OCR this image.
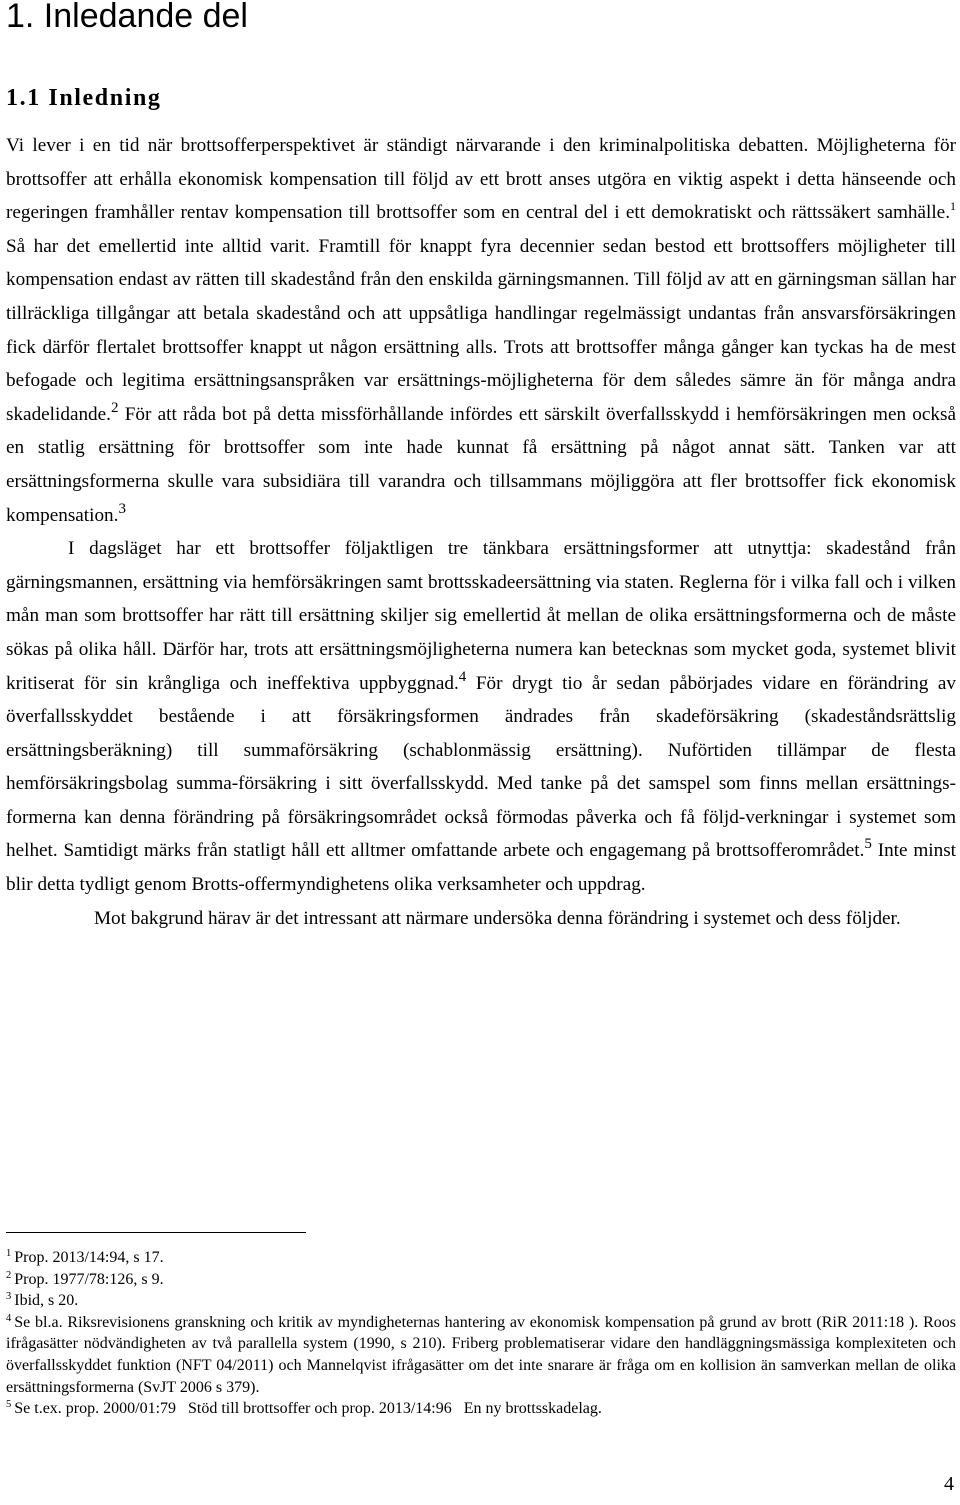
1. Inledande del
1.1 Inledning

Vi lever i en tid när brottsofferperspektivet är ständigt närvarande i den kriminalpolitiska debatten. Möjligheterna för brottsoffer att erhålla ekonomisk kompensation till följd av ett brott anses utgöra en viktig aspekt i detta hänseende och regeringen framhåller rentav kompensation till brottsoffer som en central del i ett demokratiskt och rättssäkert samhälle.$^1$ Så har det emellertid inte alltid varit. Framtill för knappt fyra decennier sedan bestod ett brottsoffers möjligheter till kompensation endast av rätten till skadestånd från den enskilda gärningsmannen. Till följd av att en gärningsman sällan har tillräckliga tillgångar att betala skadestånd och att uppsåtliga handlingar regelmässigt undantas från ansvarsförsäkringen fick därför flertalet brottsoffer knappt ut någon ersättning alls. Trots att brottsoffer många gånger kan tyckas ha de mest befogade och legitima ersättningsanspråken var ersättnings-möjligheterna för dem således sämre än för många andra skadelidande.$^2$ För att råda bot på detta missförhållande infördes ett särskilt överfallsskydd i hemförsäkringen men också en statlig ersättning för brottsoffer som inte hade kunnat få ersättning på något annat sätt. Tanken var att ersättningsformerna skulle vara subsidiära till varandra och tillsammans möjliggöra att fler brottsoffer fick ekonomisk kompensation.$^3$

I dagsläget har ett brottsoffer följaktligen tre tänkbara ersättningsformer att utnyttja: skadestånd från gärningsmannen, ersättning via hemförsäkringen samt brottsskadeersättning via staten. Reglerna för i vilka fall och i vilken mån man som brottsoffer har rätt till ersättning skiljer sig emellertid åt mellan de olika ersättningsformerna och de måste sökas på olika håll. Därför har, trots att ersättningsmöjligheterna numera kan betecknas som mycket goda, systemet blivit kritiserat för sin krångliga och ineffektiva uppbyggnad.$^4$ För drygt tio år sedan påbörjades vidare en förändring av överfallsskyddet bestående i att försäkringsformen ändrades från skadeförsäkring (skadeståndsrättslig ersättningsberäkning) till summaförsäkring (schablonmässig ersättning). Nuförtiden tillämpar de flesta hemförsäkringsbolag summa-försäkring i sitt överfallsskydd. Med tanke på det samspel som finns mellan ersättnings-formerna kan denna förändring på försäkringsområdet också förmodas påverka och få följd-verkningar i systemet som helhet. Samtidigt märks från statligt håll ett alltmer omfattande arbete och engagemang på brottsofferområdet.$^5$ Inte minst blir detta tydligt genom Brotts-offermyndighetens olika verksamheter och uppdrag.

Mot bakgrund härav är det intressant att närmare undersöka denna förändring i systemet och dess följder.

$^1$ Prop. 2013/14:94, s 17.

$^2$ Prop. 1977/78:126, s 9.

$^3$ Ibid, s 20.

$^4$ Se bl.a. Riksrevisionens granskning och kritik av myndigheternas hantering av ekonomisk kompensation på grund av brott (RiR 2011:18 ). Roos ifrågasätter nödvändigheten av två parallella system (1990, s 210). Friberg problematiserar vidare den handläggningsmässiga komplexiteten och överfallsskyddet funktion (NFT 04/2011) och Mannelqvist ifrågasätter om det inte snarare är fråga om en kollision än samverkan mellan de olika ersättningsformerna (SvJT 2006 s 379).

$^5$ Se t.ex. prop. 2000/01:79   Stöd till brottsoffer och prop. 2013/14:96   En ny brottsskadelag.

4
